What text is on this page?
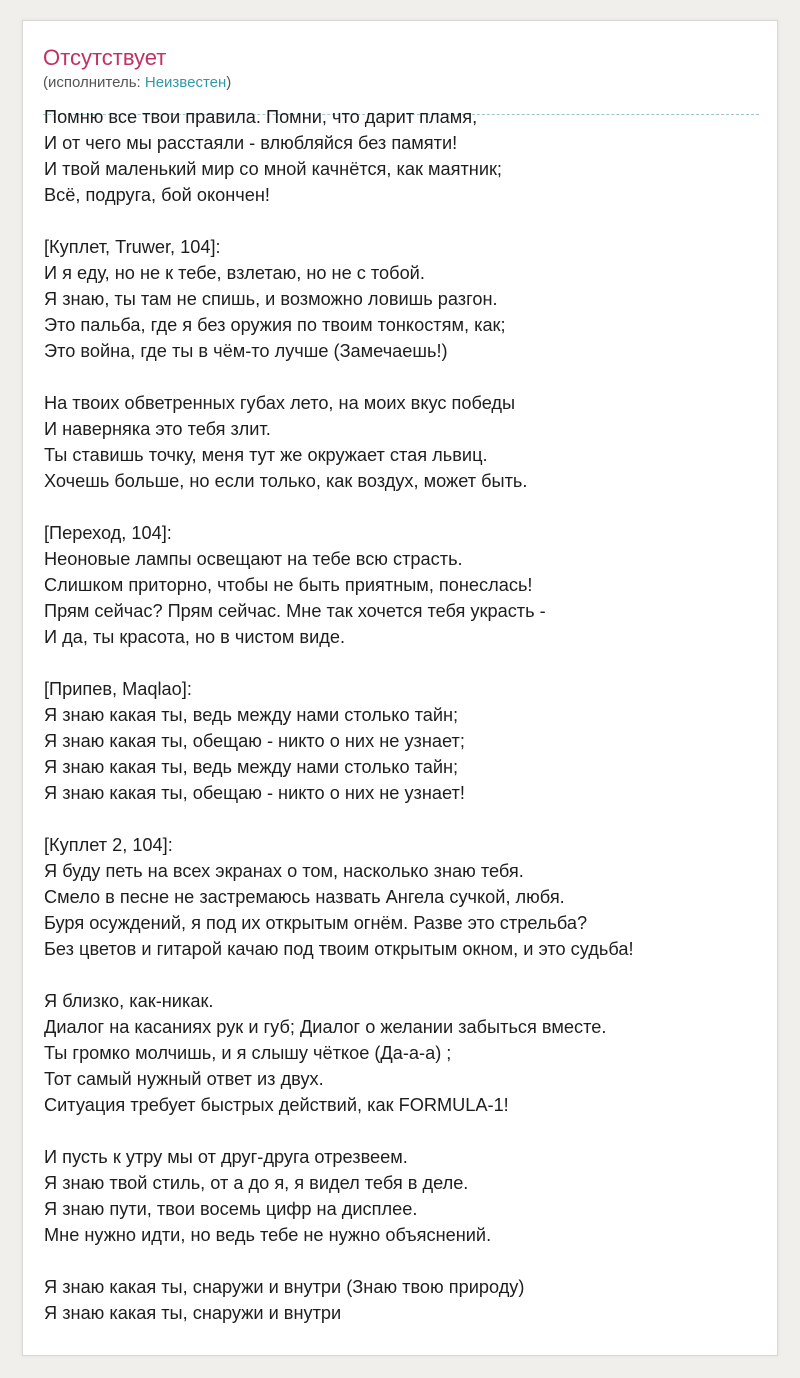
Отсутствует
(исполнитель: Неизвестен)
Помню все твои правила. Помни, что дарит пламя,
И от чего мы расстаяли - влюбляйся без памяти!
И твой маленький мир со мной качнётся, как маятник;
Всё, подруга, бой окончен!
[Куплет, Truwer, 104]:
И я еду, но не к тебе, взлетаю, но не с тобой.
Я знаю, ты там не спишь, и возможно ловишь разгон.
Это пальба, где я без оружия по твоим тонкостям, как;
Это война, где ты в чём-то лучше (Замечаешь!)
На твоих обветренных губах лето, на моих вкус победы
И наверняка это тебя злит.
Ты ставишь точку, меня тут же окружает стая львиц.
Хочешь больше, но если только, как воздух, может быть.
[Переход, 104]:
Неоновые лампы освещают на тебе всю страсть.
Слишком приторно, чтобы не быть приятным, понеслась!
Прям сейчас? Прям сейчас. Мне так хочется тебя украсть -
И да, ты красота, но в чистом виде.
[Припев, Maqlao]:
Я знаю какая ты, ведь между нами столько тайн;
Я знаю какая ты, обещаю - никто о них не узнает;
Я знаю какая ты, ведь между нами столько тайн;
Я знаю какая ты, обещаю - никто о них не узнает!
[Куплет 2, 104]:
Я буду петь на всех экранах о том, насколько знаю тебя.
Смело в песне не застремаюсь назвать Ангела сучкой, любя.
Буря осуждений, я под их открытым огнём. Разве это стрельба?
Без цветов и гитарой качаю под твоим открытым окном, и это судьба!
Я близко, как-никак.
Диалог на касаниях рук и губ; Диалог о желании забыться вместе.
Ты громко молчишь, и я слышу чёткое (Да-а-а) ;
Тот самый нужный ответ из двух.
Ситуация требует быстрых действий, как FORMULA-1!
И пусть к утру мы от друг-друга отрезвеем.
Я знаю твой стиль, от а до я, я видел тебя в деле.
Я знаю пути, твои восемь цифр на дисплее.
Мне нужно идти, но ведь тебе не нужно объяснений.
Я знаю какая ты, снаружи и внутри (Знаю твою природу)
Я знаю какая ты, снаружи и внутри
